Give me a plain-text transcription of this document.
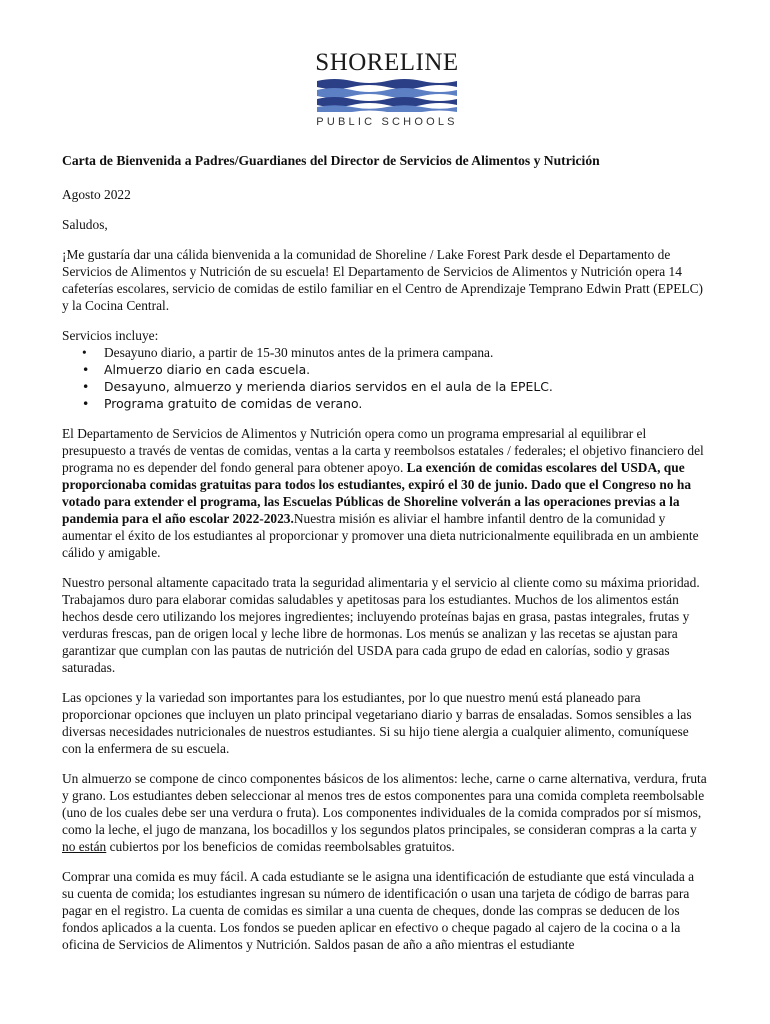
SHORELINE
PUBLIC SCHOOLS

Carta de Bienvenida a Padres/Guardianes del Director de Servicios de Alimentos y Nutrición

Agosto 2022

Saludos,

¡Me gustaría dar una cálida bienvenida a la comunidad de Shoreline / Lake Forest Park desde el Departamento de Servicios de Alimentos y Nutrición de su escuela! El Departamento de Servicios de Alimentos y Nutrición opera 14 cafeterías escolares, servicio de comidas de estilo familiar en el Centro de Aprendizaje Temprano Edwin Pratt (EPELC) y la Cocina Central.

Servicios incluye:

• Desayuno diario, a partir de 15-30 minutos antes de la primera campana.
• Almuerzo diario en cada escuela.
• Desayuno, almuerzo y merienda diarios servidos en el aula de la EPELC.
• Programa gratuito de comidas de verano.

El Departamento de Servicios de Alimentos y Nutrición opera como un programa empresarial al equilibrar el presupuesto a través de ventas de comidas, ventas a la carta y reembolsos estatales / federales; el objetivo financiero del programa no es depender del fondo general para obtener apoyo. La exención de comidas escolares del USDA, que proporcionaba comidas gratuitas para todos los estudiantes, expiró el 30 de junio. Dado que el Congreso no ha votado para extender el programa, las Escuelas Públicas de Shoreline volverán a las operaciones previas a la pandemia para el año escolar 2022-2023.Nuestra misión es aliviar el hambre infantil dentro de la comunidad y aumentar el éxito de los estudiantes al proporcionar y promover una dieta nutricionalmente equilibrada en un ambiente cálido y amigable.

Nuestro personal altamente capacitado trata la seguridad alimentaria y el servicio al cliente como su máxima prioridad. Trabajamos duro para elaborar comidas saludables y apetitosas para los estudiantes. Muchos de los alimentos están hechos desde cero utilizando los mejores ingredientes; incluyendo proteínas bajas en grasa, pastas integrales, frutas y verduras frescas, pan de origen local y leche libre de hormonas. Los menús se analizan y las recetas se ajustan para garantizar que cumplan con las pautas de nutrición del USDA para cada grupo de edad en calorías, sodio y grasas saturadas.

Las opciones y la variedad son importantes para los estudiantes, por lo que nuestro menú está planeado para proporcionar opciones que incluyen un plato principal vegetariano diario y barras de ensaladas. Somos sensibles a las diversas necesidades nutricionales de nuestros estudiantes. Si su hijo tiene alergia a cualquier alimento, comuníquese con la enfermera de su escuela.

Un almuerzo se compone de cinco componentes básicos de los alimentos: leche, carne o carne alternativa, verdura, fruta y grano. Los estudiantes deben seleccionar al menos tres de estos componentes para una comida completa reembolsable (uno de los cuales debe ser una verdura o fruta). Los componentes individuales de la comida comprados por sí mismos, como la leche, el jugo de manzana, los bocadillos y los segundos platos principales, se consideran compras a la carta y no están cubiertos por los beneficios de comidas reembolsables gratuitos.

Comprar una comida es muy fácil. A cada estudiante se le asigna una identificación de estudiante que está vinculada a su cuenta de comida; los estudiantes ingresan su número de identificación o usan una tarjeta de código de barras para pagar en el registro. La cuenta de comidas es similar a una cuenta de cheques, donde las compras se deducen de los fondos aplicados a la cuenta. Los fondos se pueden aplicar en efectivo o cheque pagado al cajero de la cocina o a la oficina de Servicios de Alimentos y Nutrición. Saldos pasan de año a año mientras el estudiante
